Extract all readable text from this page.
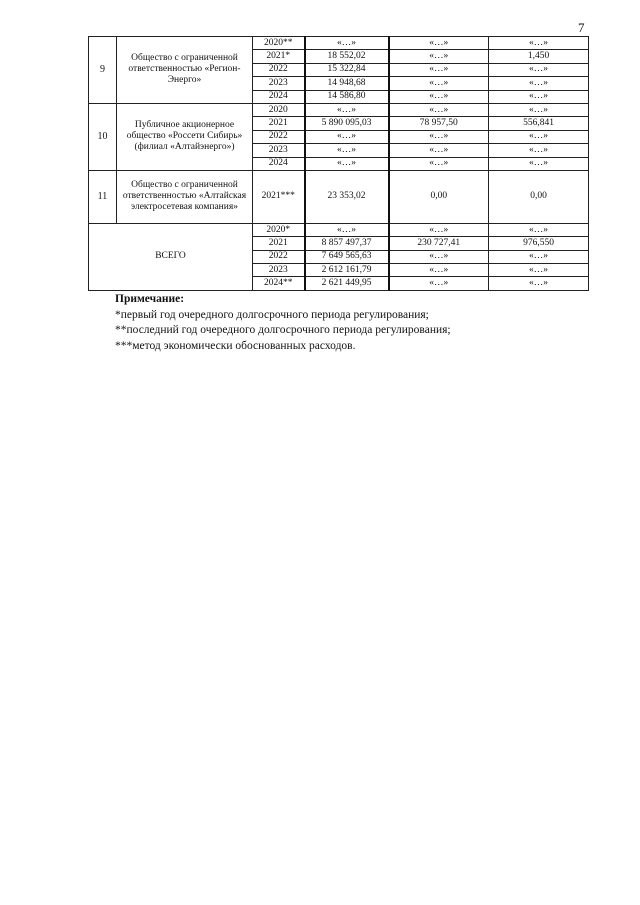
7
9	Общество с ограниченной ответственностью «Регион-Энерго»	2020**	«…»	«…»	«…»
		2021*	18 552,02	«…»	1,450
		2022	15 322,84	«…»	«…»
		2023	14 948,68	«…»	«…»
		2024	14 586,80	«…»	«…»
10	Публичное акционерное общество «Россети Сибирь» (филиал «Алтайэнерго»)	2020	«…»	«…»	«…»
		2021	5 890 095,03	78 957,50	556,841
		2022	«…»	«…»	«…»
		2023	«…»	«…»	«…»
		2024	«…»	«…»	«…»
11	Общество с ограниченной ответственностью «Алтайская электросетевая компания»	2021***	23 353,02	0,00	0,00
ВСЕГО		2020*	«…»	«…»	«…»
		2021	8 857 497,37	230 727,41	976,550
		2022	7 649 565,63	«…»	«…»
		2023	2 612 161,79	«…»	«…»
		2024**	2 621 449,95	«…»	«…»
Примечание:
*первый год очередного долгосрочного периода регулирования;
**последний год очередного долгосрочного периода регулирования;
***метод экономически обоснованных расходов.
